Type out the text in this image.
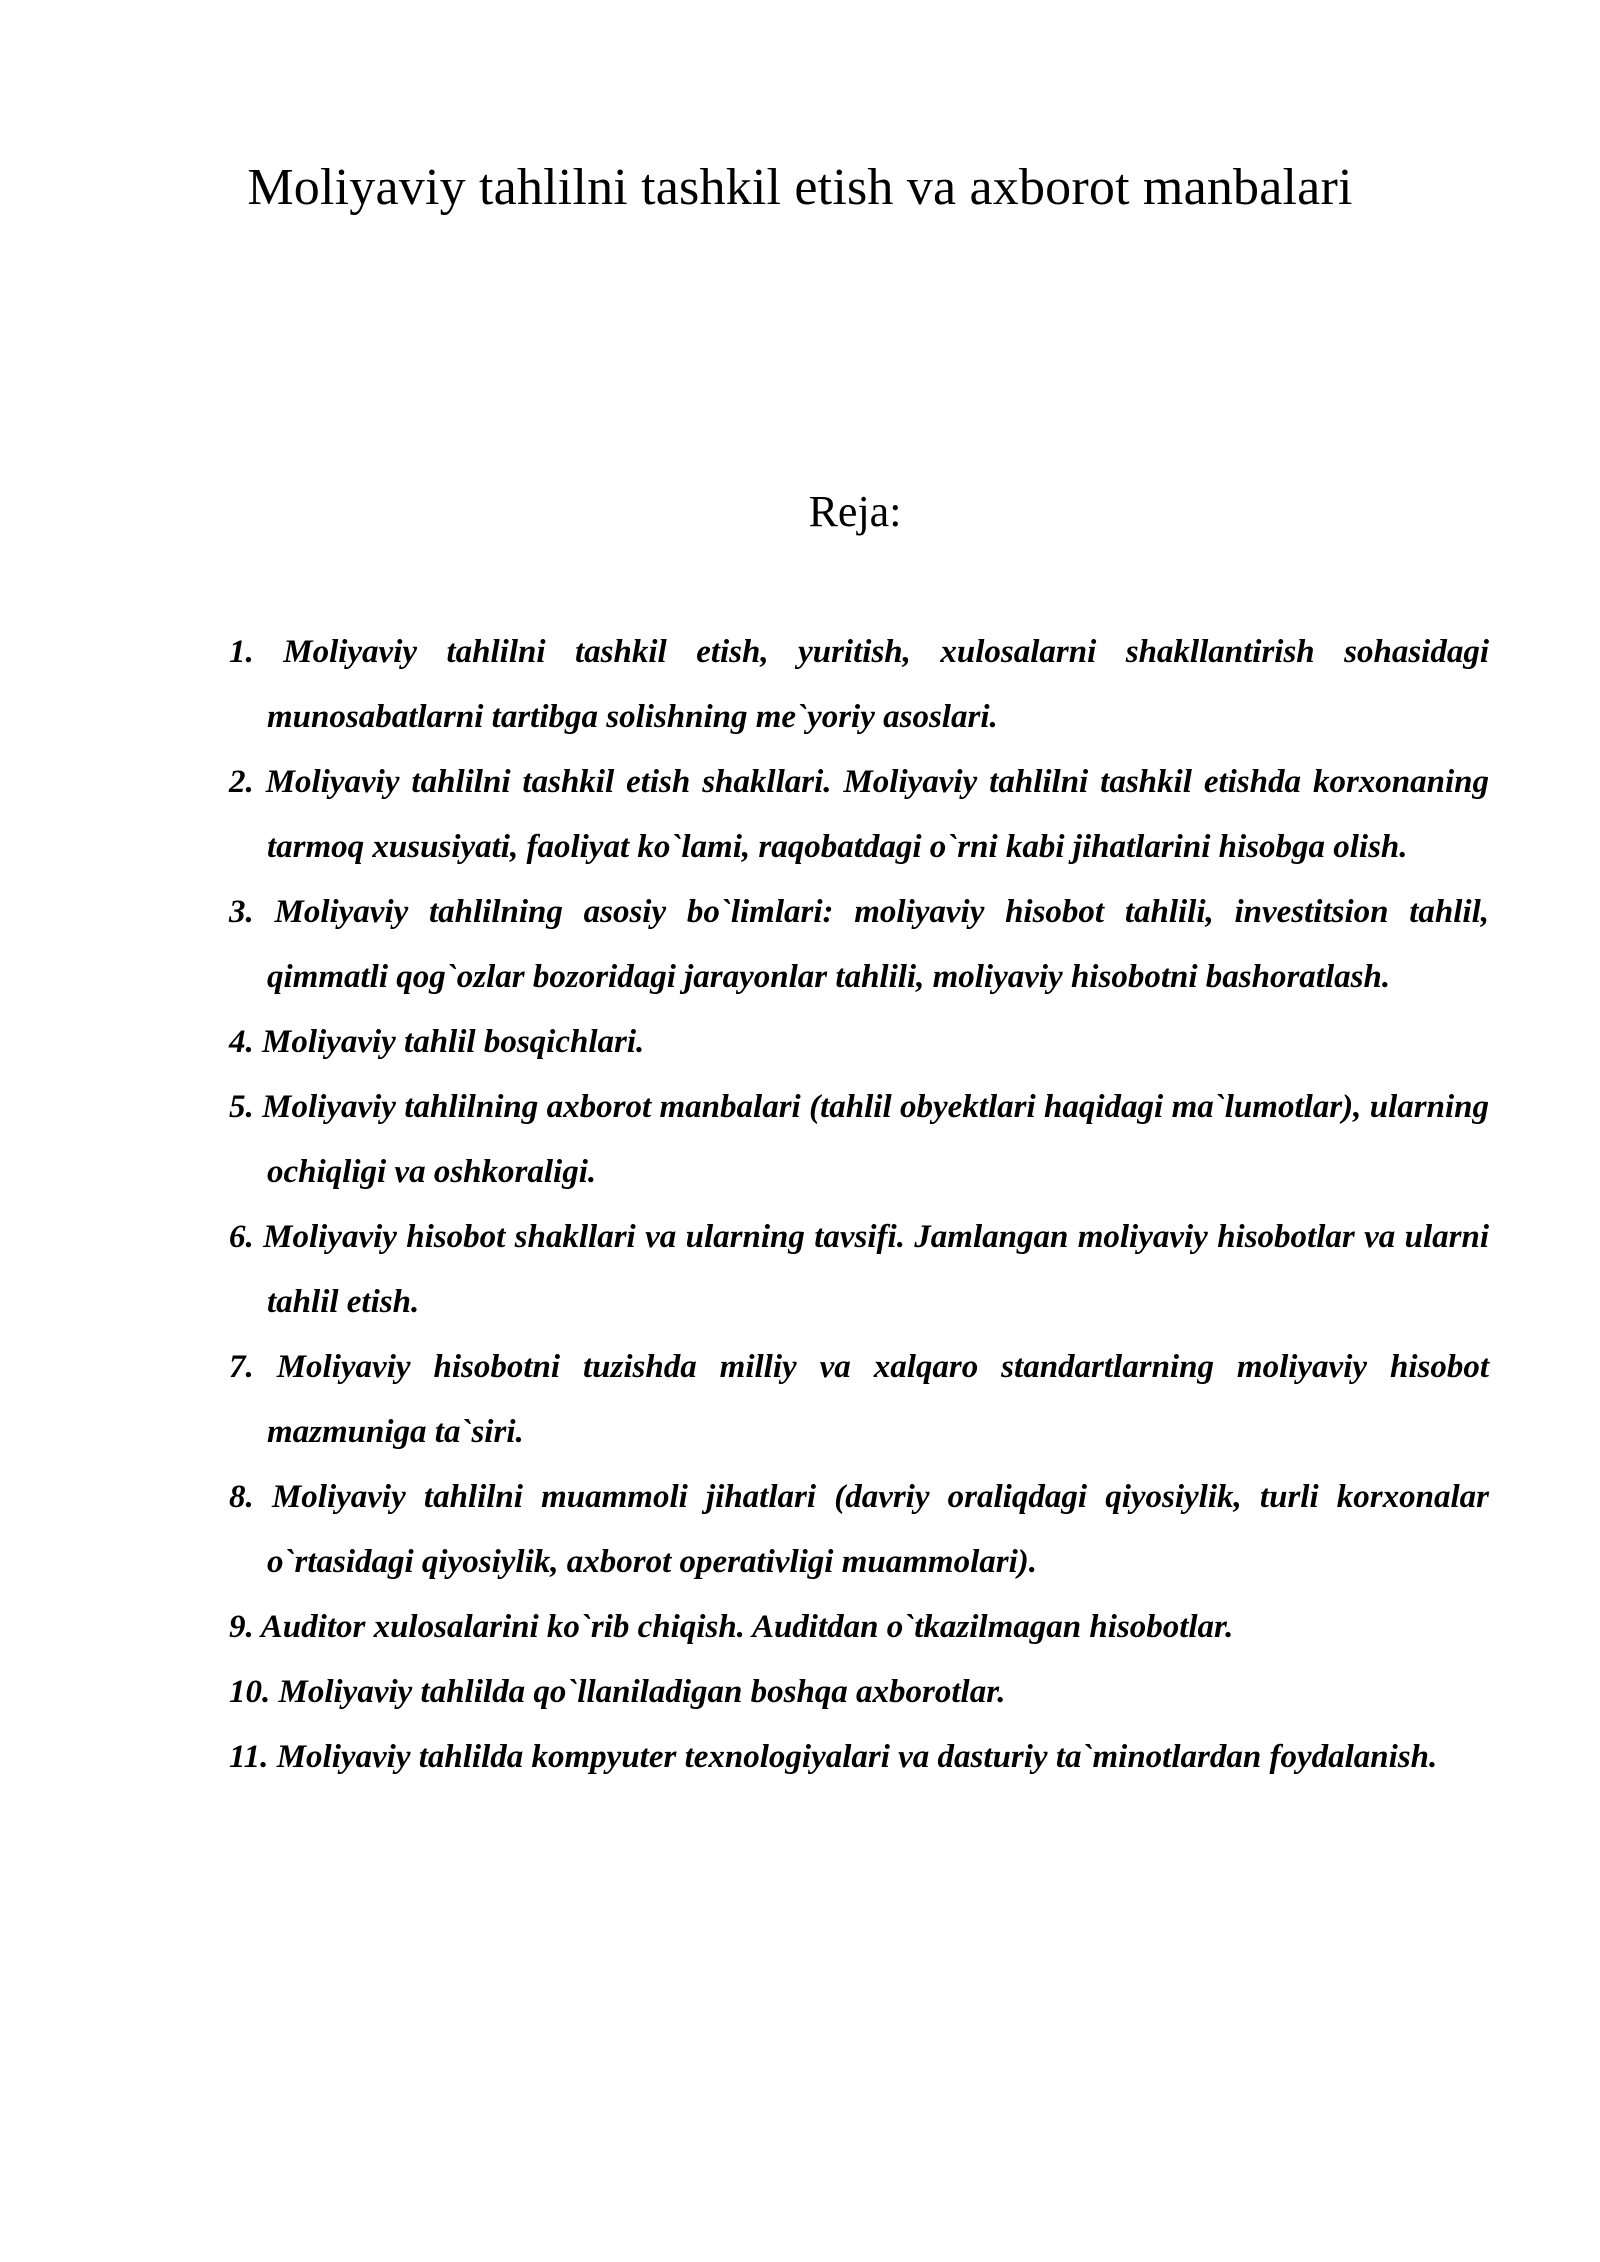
Moliyaviy tahlilni tashkil etish va axborot manbalari
Reja:
1. Moliyaviy tahlilni tashkil etish, yuritish, xulosalarni shakllantirish sohasidagi munosabatlarni tartibga solishning me`yoriy asoslari.
2. Moliyaviy tahlilni tashkil etish shakllari. Moliyaviy tahlilni tashkil etishda korxonaning tarmoq xususiyati, faoliyat ko`lami, raqobatdagi o`rni kabi jihatlarini hisobga olish.
3. Moliyaviy tahlilning asosiy bo`limlari: moliyaviy hisobot tahlili, investitsion tahlil, qimmatli qog`ozlar bozoridagi jarayonlar tahlili, moliyaviy hisobotni bashoratlash.
4. Moliyaviy tahlil bosqichlari.
5. Moliyaviy tahlilning axborot manbalari (tahlil obyektlari haqidagi ma`lumotlar), ularning ochiqligi va oshkoraligi.
6. Moliyaviy hisobot shakllari va ularning tavsifi. Jamlangan moliyaviy hisobotlar va ularni tahlil etish.
7. Moliyaviy hisobotni tuzishda milliy va xalqaro standartlarning moliyaviy hisobot mazmuniga ta`siri.
8. Moliyaviy tahlilni muammoli jihatlari (davriy oraliqdagi qiyosiylik, turli korxonalar o`rtasidagi qiyosiylik, axborot operativligi muammolari).
9. Auditor xulosalarini ko`rib chiqish. Auditdan o`tkazilmagan hisobotlar.
10. Moliyaviy tahlilda qo`llaniladigan boshqa axborotlar.
11. Moliyaviy tahlilda kompyuter texnologiyalari va dasturiy ta`minotlardan foydalanish.
